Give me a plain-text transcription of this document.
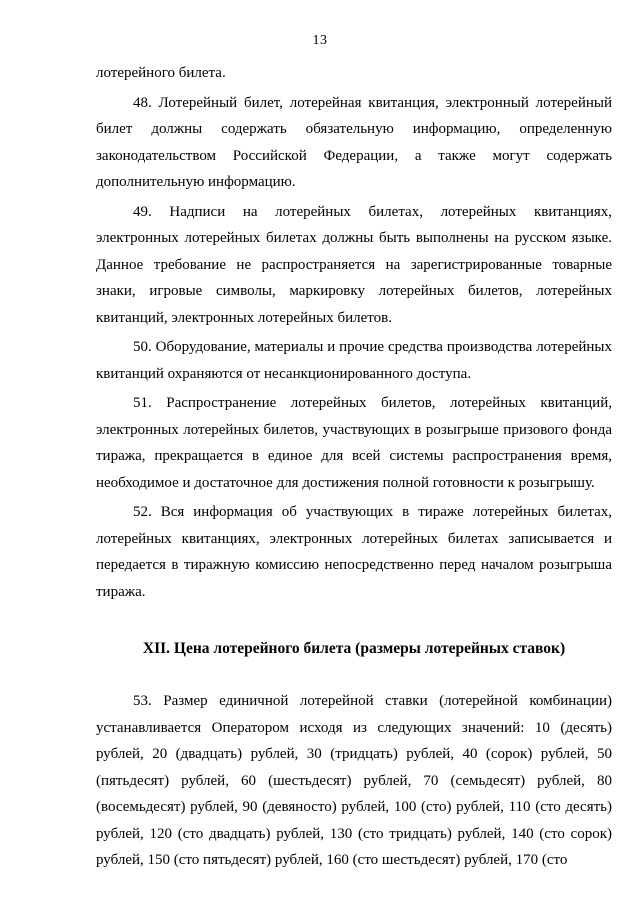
13

лотерейного билета.

48. Лотерейный билет, лотерейная квитанция, электронный лотерейный билет должны содержать обязательную информацию, определенную законодательством Российской Федерации, а также могут содержать дополнительную информацию.

49. Надписи на лотерейных билетах, лотерейных квитанциях, электронных лотерейных билетах должны быть выполнены на русском языке. Данное требование не распространяется на зарегистрированные товарные знаки, игровые символы, маркировку лотерейных билетов, лотерейных квитанций, электронных лотерейных билетов.

50. Оборудование, материалы и прочие средства производства лотерейных квитанций охраняются от несанкционированного доступа.

51. Распространение лотерейных билетов, лотерейных квитанций, электронных лотерейных билетов, участвующих в розыгрыше призового фонда тиража, прекращается в единое для всей системы распространения время, необходимое и достаточное для достижения полной готовности к розыгрышу.

52. Вся информация об участвующих в тираже лотерейных билетах, лотерейных квитанциях, электронных лотерейных билетах записывается и передается в тиражную комиссию непосредственно перед началом розыгрыша тиража.

XII. Цена лотерейного билета (размеры лотерейных ставок)

53. Размер единичной лотерейной ставки (лотерейной комбинации) устанавливается Оператором исходя из следующих значений: 10 (десять) рублей, 20 (двадцать) рублей, 30 (тридцать) рублей, 40 (сорок) рублей, 50 (пятьдесят) рублей, 60 (шестьдесят) рублей, 70 (семьдесят) рублей, 80 (восемьдесят) рублей, 90 (девяносто) рублей, 100 (сто) рублей, 110 (сто десять) рублей, 120 (сто двадцать) рублей, 130 (сто тридцать) рублей, 140 (сто сорок) рублей, 150 (сто пятьдесят) рублей, 160 (сто шестьдесят) рублей, 170 (сто
